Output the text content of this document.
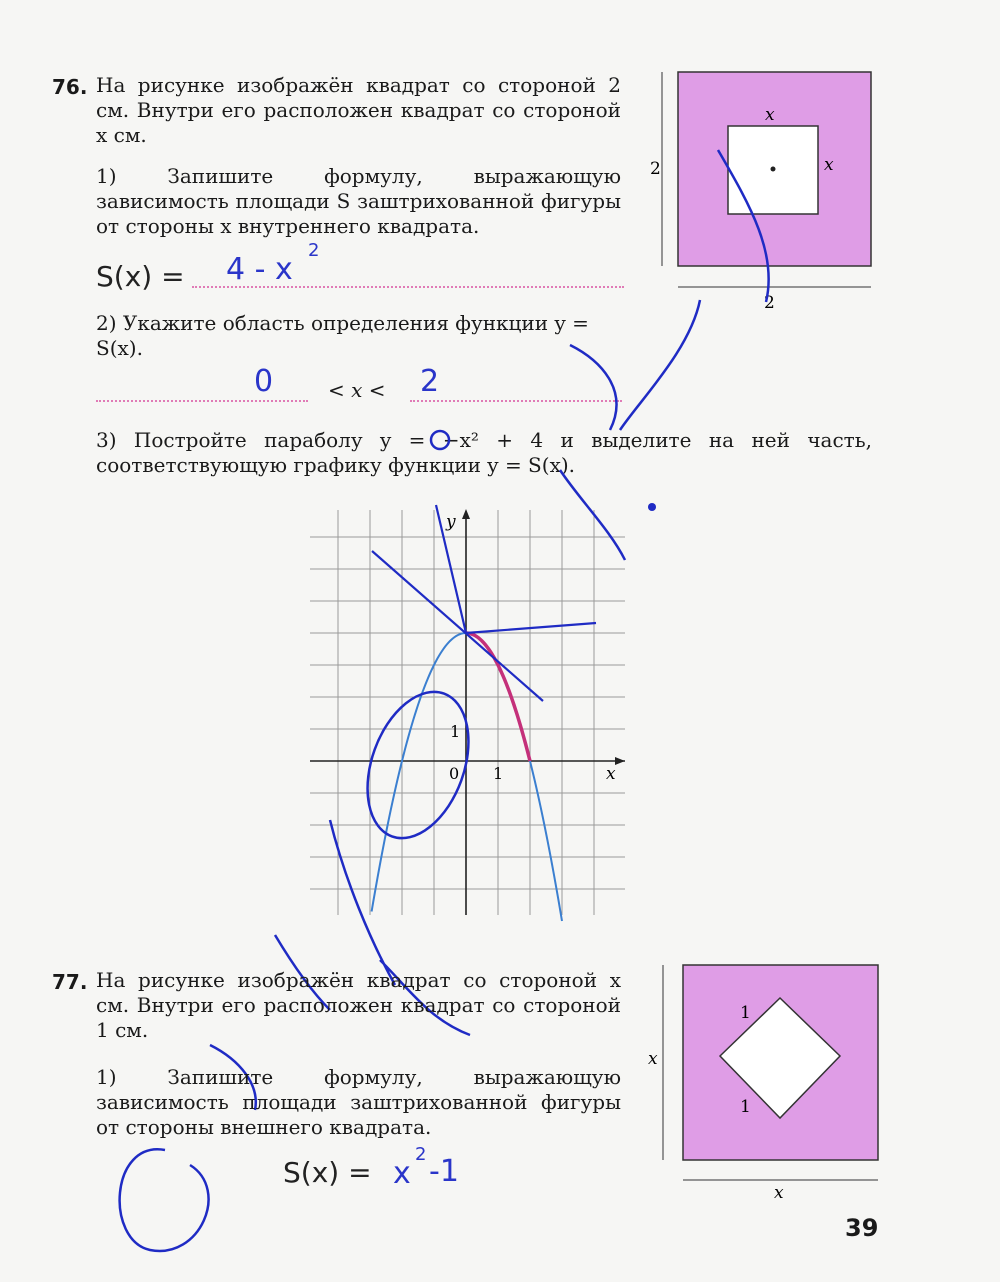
76. На рисунке изображён квадрат со стороной 2 см. Внутри его расположен квадрат со стороной x см.

1) Запишите формулу, выражающую зависимость площади S заштрихованной фигуры от стороны x внутреннего квадрата.

S(x) = 4 - x
2

2) Укажите область определения функции y = S(x).

0	< x < 2

3) Постройте параболу y = −x² + 4 и выделите на ней часть, соответствующую графику функции y = S(x).

2
2
x
x
y
x
0 1
1
77. На рисунке изображён квадрат со стороной x см. Внутри его расположен квадрат со стороной 1 см.

1) Запишите формулу, выражающую зависимость площади заштрихованной фигуры от стороны внешнего квадрата.

S(x) = x
2 -1
x
x
1
1
39
